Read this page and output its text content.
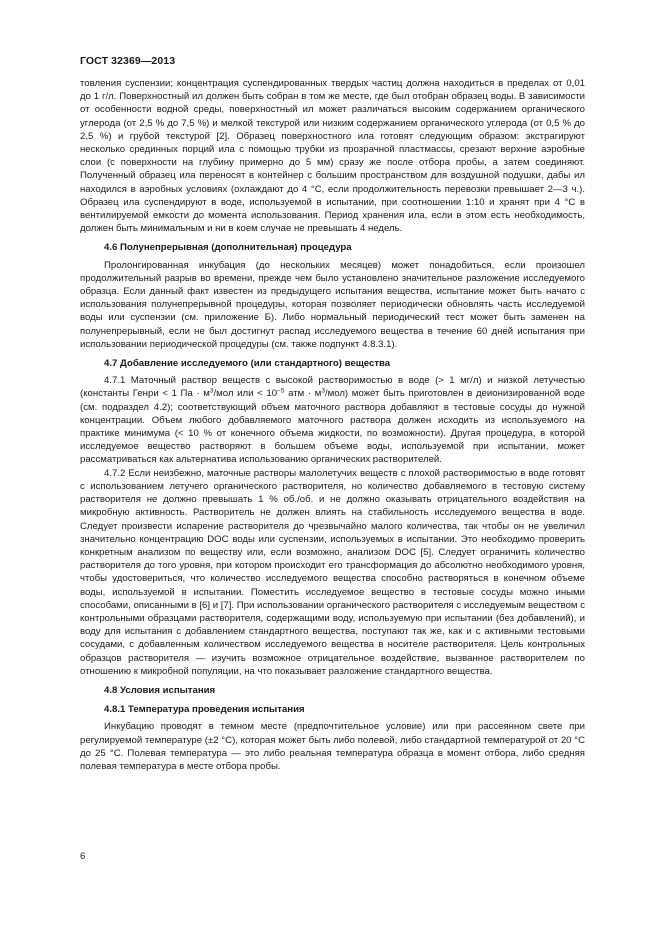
ГОСТ 32369—2013

товления суспензии; концентрация суспендированных твердых частиц должна находиться в пределах от 0,01 до 1 г/л. Поверхностный ил должен быть собран в том же месте, где был отобран образец воды. В зависимости от особенности водной среды, поверхностный ил может различаться высоким содержанием органического углерода (от 2,5 % до 7,5 %) и мелкой текстурой или низким содержанием органического углерода (от 0,5 % до 2,5 %) и грубой текстурой [2]. Образец поверхностного ила готовят следующим образом: экстрагируют несколько срединных порций ила с помощью трубки из прозрачной пластмассы, срезают верхние аэробные слои (с поверхности на глубину примерно до 5 мм) сразу же после отбора пробы, а затем соединяют. Полученный образец ила переносят в контейнер с большим пространством для воздушной подушки, дабы ил находился в аэробных условиях (охлаждают до 4 °С, если продолжительность перевозки превышает 2—3 ч.). Образец ила суспендируют в воде, используемой в испытании, при соотношении 1:10 и хранят при 4 °С в вентилируемой емкости до момента использования. Период хранения ила, если в этом есть необходимость, должен быть минимальным и ни в коем случае не превышать 4 недель.

4.6 Полунепрерывная (дополнительная) процедура

Пролонгированная инкубация (до нескольких месяцев) может понадобиться, если произошел продолжительный разрыв во времени, прежде чем было установлено значительное разложение исследуемого образца. Если данный факт известен из предыдущего испытания вещества, испытание может быть начато с использования полунепрерывной процедуры, которая позволяет периодически обновлять часть исследуемой воды или суспензии (см. приложение Б). Либо нормальный периодический тест может быть заменен на полунепрерывный, если не был достигнут распад исследуемого вещества в течение 60 дней испытания при использовании периодической процедуры (см. также подпункт 4.8.3.1).

4.7 Добавление исследуемого (или стандартного) вещества

4.7.1 Маточный раствор веществ с высокой растворимостью в воде (> 1 мг/л) и низкой летучестью (константы Генри < 1 Па · $м^3$/мол или < $10^{-5}$ атм · $м^3/мол$) может быть приготовлен в деионизированной воде (см. подраздел 4.2); соответствующий объем маточного раствора добавляют в тестовые сосуды до нужной концентрации. Объем любого добавляемого маточного раствора должен исходить из используемого на практике минимума (< 10 % от конечного объема жидкости, по возможности). Другая процедура, в которой исследуемое вещество растворяют в большем объеме воды, используемой при испытании, может рассматриваться как альтернатива использованию органических растворителей.

4.7.2 Если неизбежно, маточные растворы малолетучих веществ с плохой растворимостью в воде готовят с использованием летучего органического растворителя, но количество добавляемого в тестовую систему растворителя не должно превышать 1 % об./об. и не должно оказывать отрицательного воздействия на микробную активность. Растворитель не должен влиять на стабильность исследуемого вещества в воде. Следует произвести испарение растворителя до чрезвычайно малого количества, так чтобы он не увеличил значительно концентрацию DOC воды или суспензии, используемых в испытании. Это необходимо проверить конкретным анализом по веществу или, если возможно, анализом DOC [5]. Следует ограничить количество растворителя до того уровня, при котором происходит его трансформация до абсолютно необходимого уровня, чтобы удостовериться, что количество исследуемого вещества способно растворяться в конечном объеме воды, используемой в испытании. Поместить исследуемое вещество в тестовые сосуды можно иными способами, описанными в [6] и [7]. При использовании органического растворителя с исследуемым веществом с контрольными образцами растворителя, содержащими воду, используемую при испытании (без добавлений), и воду для испытания с добавлением стандартного вещества, поступают так же, как и с активными тестовыми сосудами, с добавленным количеством исследуемого вещества в носителе растворителя. Цель контрольных образцов растворителя — изучить возможное отрицательное воздействие, вызванное растворителем по отношению к микробной популяции, на что показывает разложение стандартного вещества.

4.8 Условия испытания
4.8.1 Температура проведения испытания

Инкубацию проводят в темном месте (предпочтительное условие) или при рассеянном свете при регулируемой температуре (±2 °С), которая может быть либо полевой, либо стандартной температурой от 20 °С до 25 °С. Полевая температура — это либо реальная температура образца в момент отбора, либо средняя полевая температура в месте отбора пробы.

6
